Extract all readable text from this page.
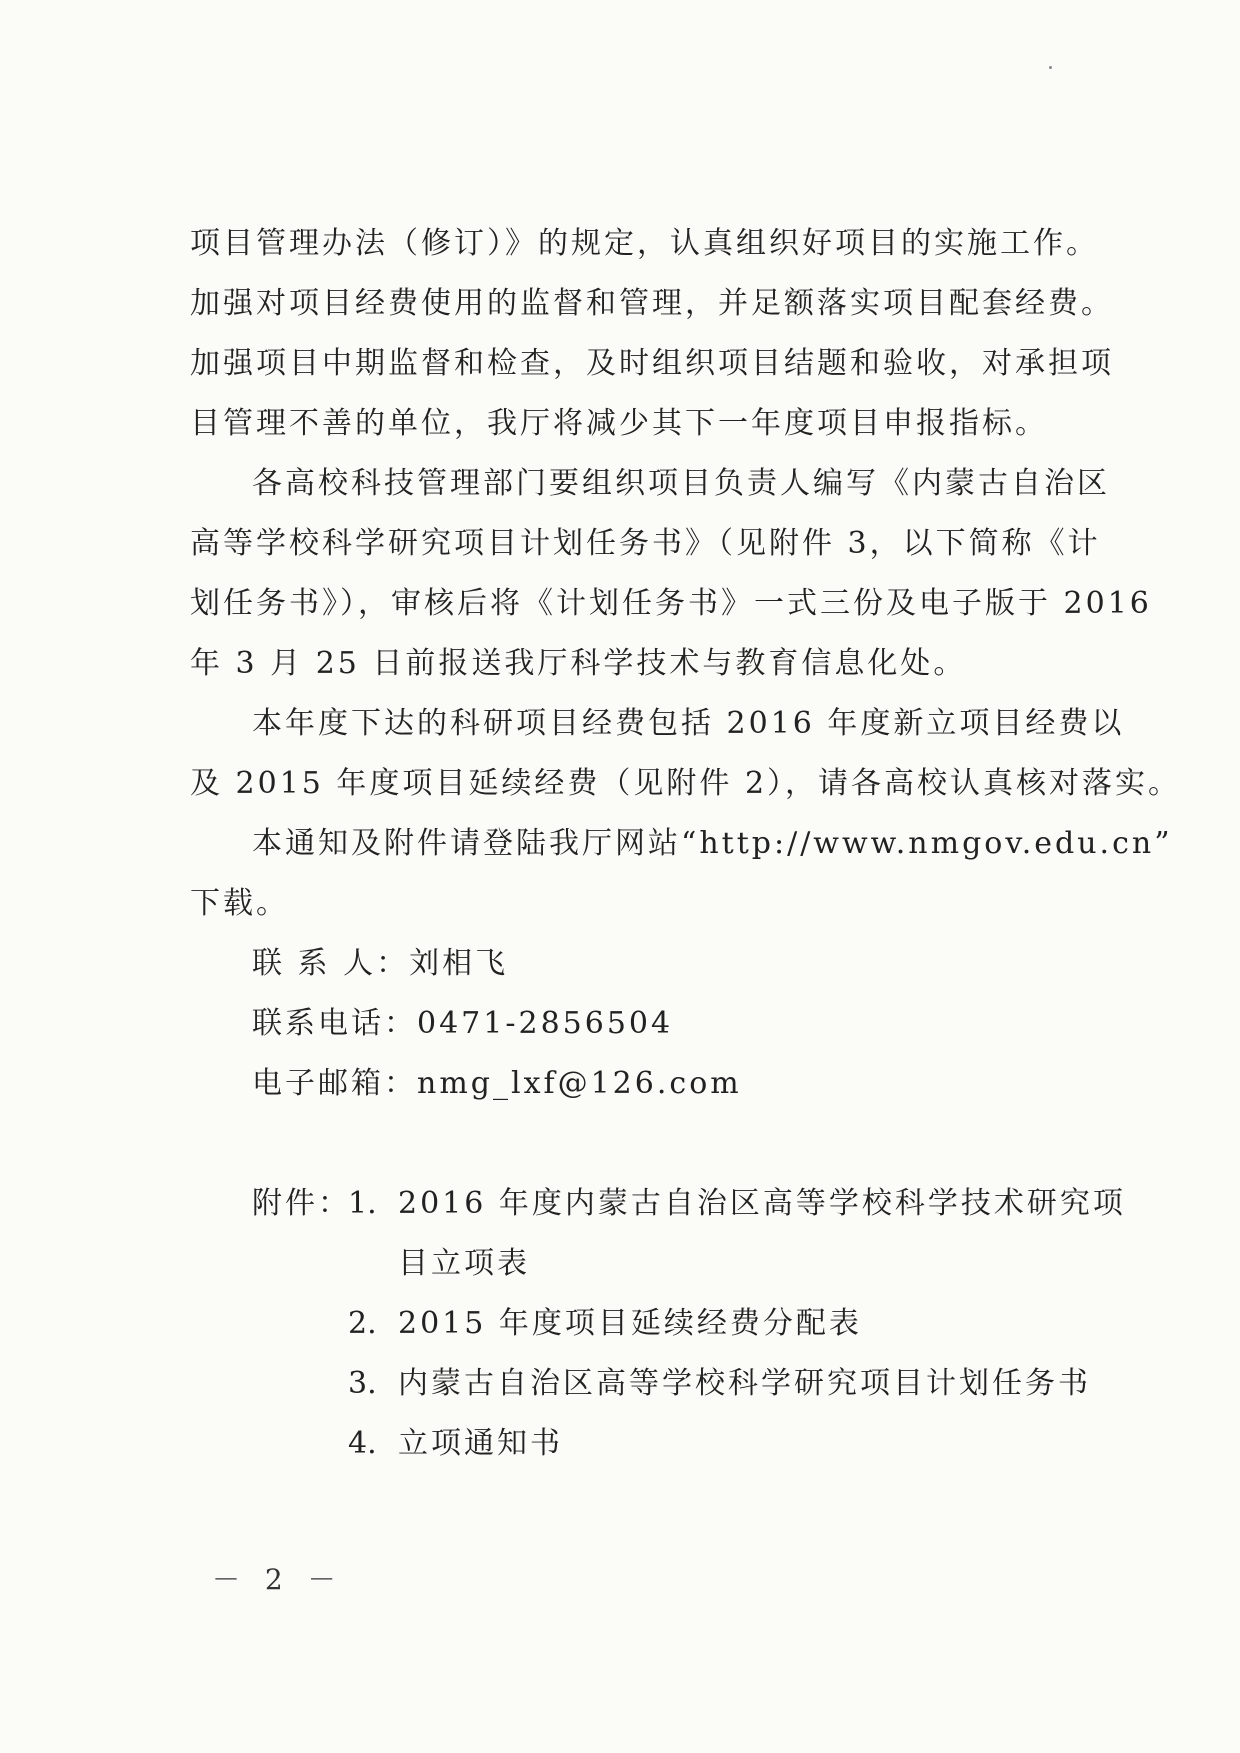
项目管理办法（修订）》的规定，认真组织好项目的实施工作。
加强对项目经费使用的监督和管理，并足额落实项目配套经费。
加强项目中期监督和检查，及时组织项目结题和验收，对承担项
目管理不善的单位，我厅将减少其下一年度项目申报指标。
各高校科技管理部门要组织项目负责人编写《内蒙古自治区
高等学校科学研究项目计划任务书》（见附件 3，以下简称《计
划任务书》），审核后将《计划任务书》一式三份及电子版于 2016
年 3 月 25 日前报送我厅科学技术与教育信息化处。
本年度下达的科研项目经费包括 2016 年度新立项目经费以
及 2015 年度项目延续经费（见附件 2），请各高校认真核对落实。
本通知及附件请登陆我厅网站“http://www.nmgov.edu.cn”
下载。
联 系 人：刘相飞
联系电话：0471-2856504
电子邮箱：nmg_lxf@126.com
附件：
1. 2016 年度内蒙古自治区高等学校科学技术研究项
目立项表
2. 2015 年度项目延续经费分配表
3. 内蒙古自治区高等学校科学研究项目计划任务书
4. 立项通知书
－ 2 －
